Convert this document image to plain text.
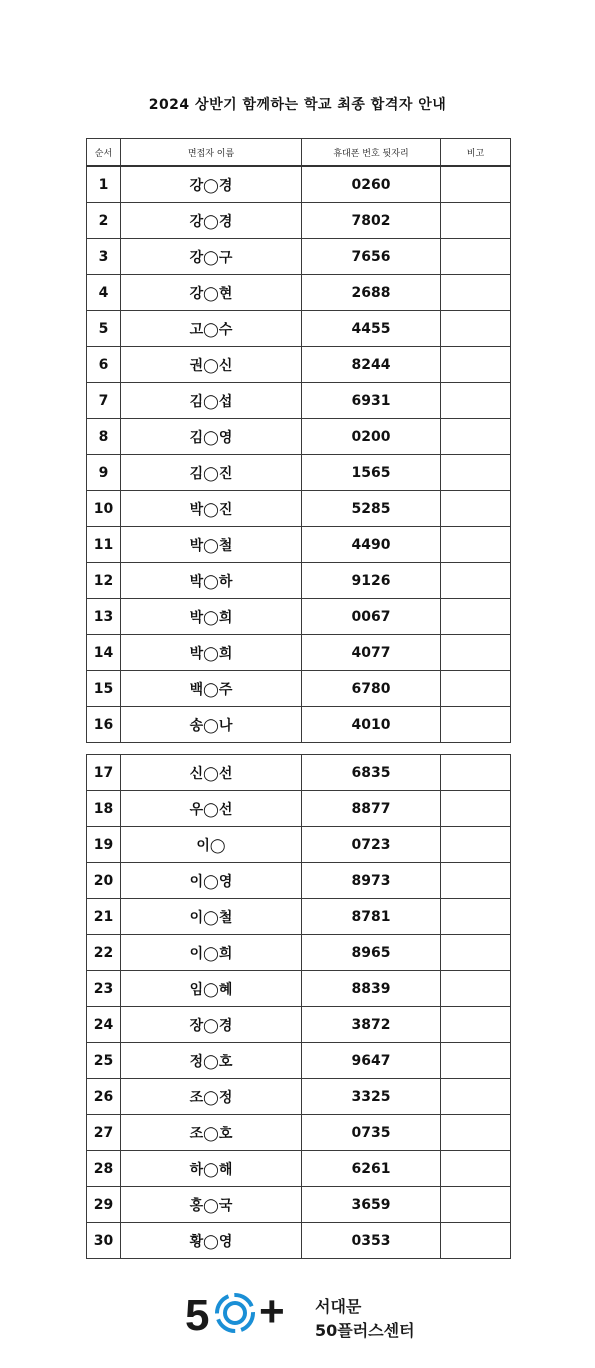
2024 상반기 함께하는 학교 최종 합격자 안내
순서	면접자 이름	휴대폰 번호 뒷자리	비고
1	강◯경	0260	
2	강◯경	7802	
3	강◯구	7656	
4	강◯현	2688	
5	고◯수	4455	
6	권◯신	8244	
7	김◯섭	6931	
8	김◯영	0200	
9	김◯진	1565	
10	박◯진	5285	
11	박◯철	4490	
12	박◯하	9126	
13	박◯희	0067	
14	박◯희	4077	
15	백◯주	6780	
16	송◯나	4010	
17	신◯선	6835	
18	우◯선	8877	
19	이◯	0723	
20	이◯영	8973	
21	이◯철	8781	
22	이◯희	8965	
23	임◯혜	8839	
24	장◯경	3872	
25	정◯호	9647	
26	조◯정	3325	
27	조◯호	0735	
28	하◯해	6261	
29	홍◯국	3659	
30	황◯영	0353	
5 + 서대문
50플러스센터
